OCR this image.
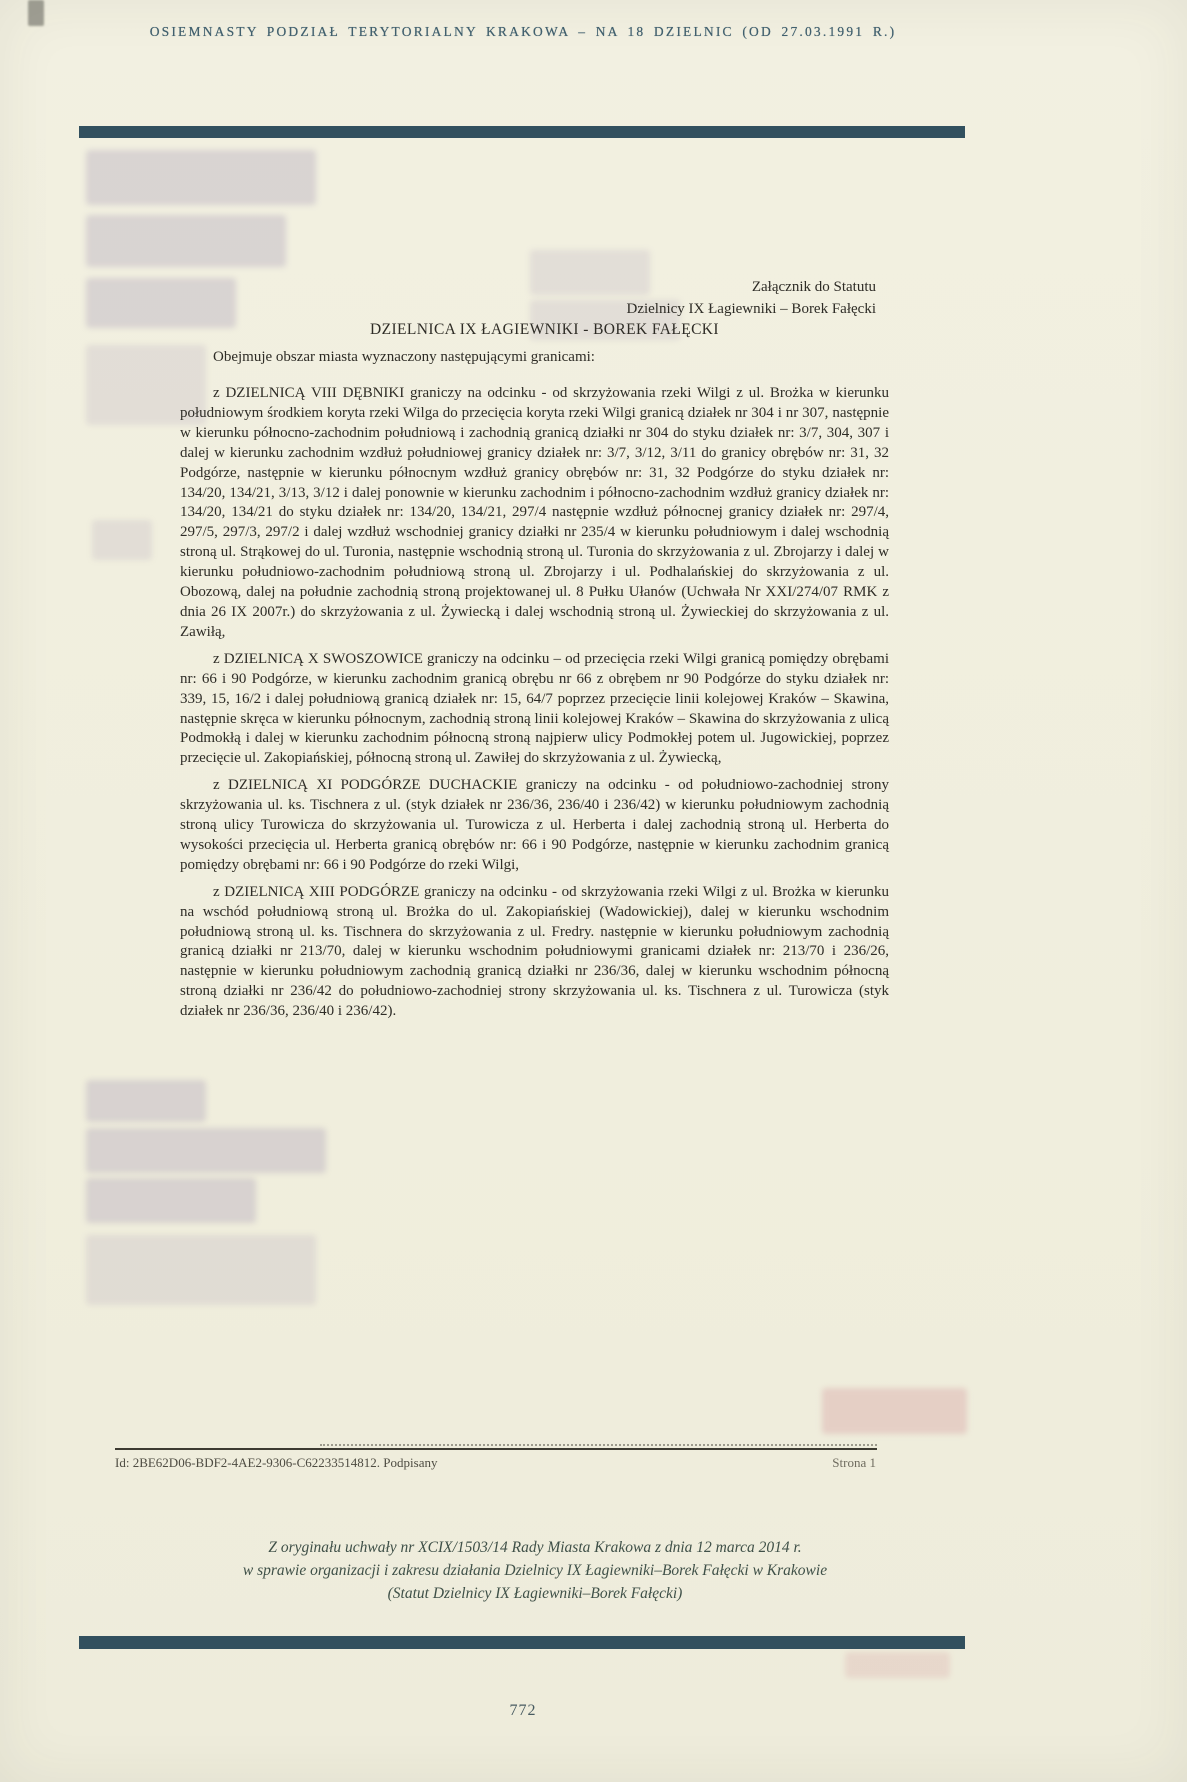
OSIEMNASTY PODZIAŁ TERYTORIALNY KRAKOWA – NA 18 DZIELNIC (OD 27.03.1991 R.)
Załącznik do Statutu
Dzielnicy IX Łagiewniki – Borek Fałęcki
DZIELNICA IX ŁAGIEWNIKI - BOREK FAŁĘCKI
Obejmuje obszar miasta wyznaczony następującymi granicami:

z DZIELNICĄ VIII DĘBNIKI graniczy na odcinku - od skrzyżowania rzeki Wilgi z ul. Brożka w kierunku południowym środkiem koryta rzeki Wilga do przecięcia koryta rzeki Wilgi granicą działek nr 304 i nr 307, następnie w kierunku północno-zachodnim południową i zachodnią granicą działki nr 304 do styku działek nr: 3/7, 304, 307 i dalej w kierunku zachodnim wzdłuż południowej granicy działek nr: 3/7, 3/12, 3/11 do granicy obrębów nr: 31, 32 Podgórze, następnie w kierunku północnym wzdłuż granicy obrębów nr: 31, 32 Podgórze do styku działek nr: 134/20, 134/21, 3/13, 3/12 i dalej ponownie w kierunku zachodnim i północno-zachodnim wzdłuż granicy działek nr: 134/20, 134/21 do styku działek nr: 134/20, 134/21, 297/4 następnie wzdłuż północnej granicy działek nr: 297/4, 297/5, 297/3, 297/2 i dalej wzdłuż wschodniej granicy działki nr 235/4 w kierunku południowym i dalej wschodnią stroną ul. Strąkowej do ul. Turonia, następnie wschodnią stroną ul. Turonia do skrzyżowania z ul. Zbrojarzy i dalej w kierunku południowo-zachodnim południową stroną ul. Zbrojarzy i ul. Podhalańskiej do skrzyżowania z ul. Obozową, dalej na południe zachodnią stroną projektowanej ul. 8 Pułku Ułanów (Uchwała Nr XXI/274/07 RMK z dnia 26 IX 2007r.) do skrzyżowania z ul. Żywiecką i dalej wschodnią stroną ul. Żywieckiej do skrzyżowania z ul. Zawiłą,

z DZIELNICĄ X SWOSZOWICE graniczy na odcinku – od przecięcia rzeki Wilgi granicą pomiędzy obrębami nr: 66 i 90 Podgórze, w kierunku zachodnim granicą obrębu nr 66 z obrębem nr 90 Podgórze do styku działek nr: 339, 15, 16/2 i dalej południową granicą działek nr: 15, 64/7 poprzez przecięcie linii kolejowej Kraków – Skawina, następnie skręca w kierunku północnym, zachodnią stroną linii kolejowej Kraków – Skawina do skrzyżowania z ulicą Podmokłą i dalej w kierunku zachodnim północną stroną najpierw ulicy Podmokłej potem ul. Jugowickiej, poprzez przecięcie ul. Zakopiańskiej, północną stroną ul. Zawiłej do skrzyżowania z ul. Żywiecką,

z DZIELNICĄ XI PODGÓRZE DUCHACKIE graniczy na odcinku - od południowo-zachodniej strony skrzyżowania ul. ks. Tischnera z ul. (styk działek nr 236/36, 236/40 i 236/42) w kierunku południowym zachodnią stroną ulicy Turowicza do skrzyżowania ul. Turowicza z ul. Herberta i dalej zachodnią stroną ul. Herberta do wysokości przecięcia ul. Herberta granicą obrębów nr: 66 i 90 Podgórze, następnie w kierunku zachodnim granicą pomiędzy obrębami nr: 66 i 90 Podgórze do rzeki Wilgi,

z DZIELNICĄ XIII PODGÓRZE graniczy na odcinku - od skrzyżowania rzeki Wilgi z ul. Brożka w kierunku na wschód południową stroną ul. Brożka do ul. Zakopiańskiej (Wadowickiej), dalej w kierunku wschodnim południową stroną ul. ks. Tischnera do skrzyżowania z ul. Fredry. następnie w kierunku południowym zachodnią granicą działki nr 213/70, dalej w kierunku wschodnim południowymi granicami działek nr: 213/70 i 236/26, następnie w kierunku południowym zachodnią granicą działki nr 236/36, dalej w kierunku wschodnim północną stroną działki nr 236/42 do południowo-zachodniej strony skrzyżowania ul. ks. Tischnera z ul. Turowicza (styk działek nr 236/36, 236/40 i 236/42).

Id: 2BE62D06-BDF2-4AE2-9306-C62233514812. Podpisany	Strona 1
Z oryginału uchwały nr XCIX/1503/14 Rady Miasta Krakowa z dnia 12 marca 2014 r.
w sprawie organizacji i zakresu działania Dzielnicy IX Łagiewniki–Borek Fałęcki w Krakowie
(Statut Dzielnicy IX Łagiewniki–Borek Fałęcki)
772
